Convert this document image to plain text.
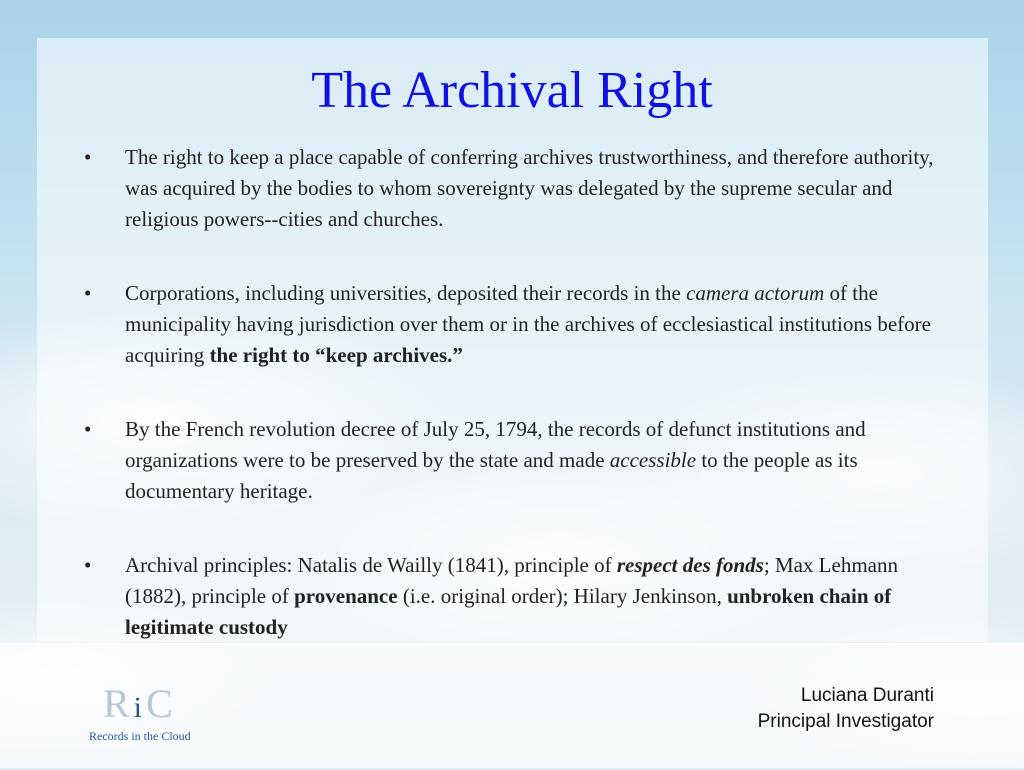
The Archival Right
• The right to keep a place capable of conferring archives trustworthiness, and therefore authority, was acquired by the bodies to whom sovereignty was delegated by the supreme secular and religious powers--cities and churches.
• Corporations, including universities, deposited their records in the camera actorum of the municipality having jurisdiction over them or in the archives of ecclesiastical institutions before acquiring the right to “keep archives.”
• By the French revolution decree of July 25, 1794, the records of defunct institutions and organizations were to be preserved by the state and made accessible to the people as its documentary heritage.
• Archival principles: Natalis de Wailly (1841), principle of respect des fonds; Max Lehmann (1882), principle of provenance (i.e. original order); Hilary Jenkinson, unbroken chain of legitimate custody
RiC
Records in the Cloud
Luciana Duranti
Principal Investigator
